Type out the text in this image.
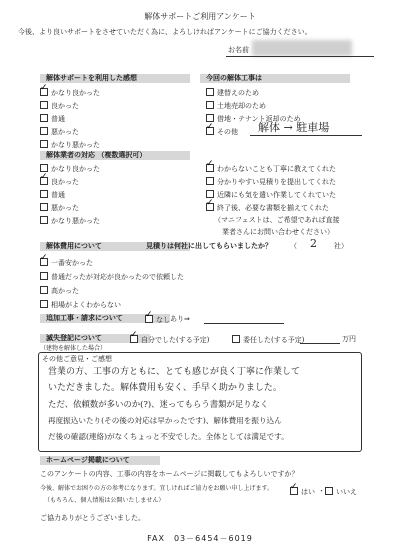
解体サポートご利用アンケート
今後、より良いサポートをさせていただく為に、よろしければアンケートにご協力ください。
お名前
解体サポートを利用した感想
✓かなり良かった
良かった
普通
悪かった
かなり悪かった
今回の解体工事は
建替えのため
土地売却のため
借地・テナント返却のため
✓その他 解体 → 駐車場
解体業者の対応 （複数選択可）
かなり良かった
✓良かった
普通
悪かった
かなり悪かった
✓わからないことも丁寧に教えてくれた
分かりやすい見積りを提出してくれた
近隣にも気を遣い作業してくれていた
✓終了後、必要な書類を揃えてくれた
（マニフェストは、ご希望であれば直接
業者さんにお問い合わせください）
解体費用について	見積りは何社に出してもらいましたか？	（ 2 社）
✓一番安かった
普通だったが対応が良かったので依頼した
高かった
相場がよくわからない
追加工事・請求について
✓	なし あり⇒
滅失登記について
（建物を解体した場合）
✓自分でした(する予定)	委任した(する予定)	万円
その他ご意見・ご感想
営業の方、工事の方ともに、とても感じが良く丁寧に作業して
いただきました。解体費用も安く、手早く助かりました。
ただ、依頼数が多いのか(?)、迷ってもらう書類が足りなく
再度振込いたり(その後の対応は早かったです)、解体費用を振り込ん
だ後の確認(連絡)がなくちょっと不安でした。全体としては満足です。
ホームページ掲載について
このアンケートの内容、工事の内容をホームページに掲載してもよろしいですか？
今後、解体でお困りの方の参考になります。宜しければご協力をお願い申し上げます。
（もちろん、個人情報は公開いたしません）
✓はい ・	いいえ
ご協力ありがとうございました。
FAX　03－6454－6019
